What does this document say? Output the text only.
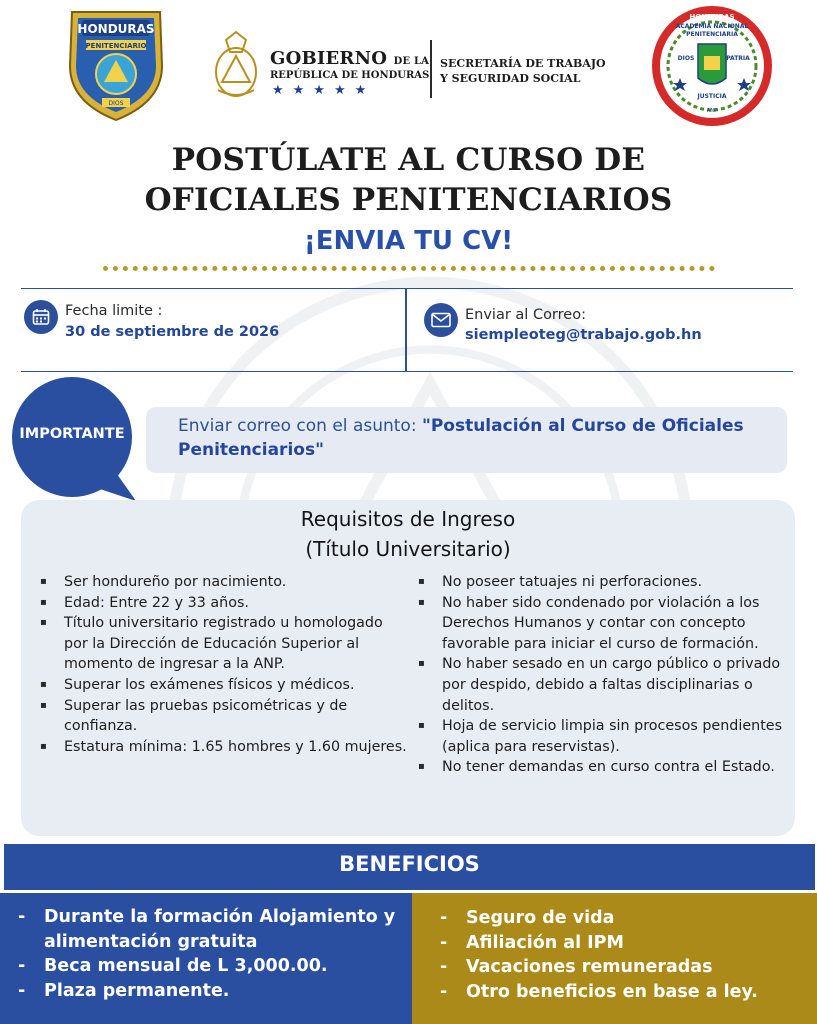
HONDURAS
PENITENCIARIO
DIOS
GOBIERNO DE LA
REPÚBLICA DE HONDURAS
★★★★★
SECRETARÍA DE TRABAJO
Y SEGURIDAD SOCIAL
HONDURAS
ACADEMIA NACIONAL
PENITENCIARIA
DIOS	PATRIA
JUSTICIA
ANP
POSTÚLATE AL CURSO DE
OFICIALES PENITENCIARIOS
¡ENVIA TU CV!
Fecha limite :
30 de septiembre de 2026
Enviar al Correo:
siempleoteg@trabajo.gob.hn
IMPORTANTE	Enviar correo con el asunto: "Postulación al Curso de Oficiales Penitenciarios"
Requisitos de Ingreso
(Título Universitario)
▪ Ser hondureño por nacimiento.
▪ Edad: Entre 22 y 33 años.
▪ Título universitario registrado u homologado por la Dirección de Educación Superior al momento de ingresar a la ANP.
▪ Superar los exámenes físicos y médicos.
▪ Superar las pruebas psicométricas y de confianza.
▪ Estatura mínima: 1.65 hombres y 1.60 mujeres.
▪ No poseer tatuajes ni perforaciones.
▪ No haber sido condenado por violación a los Derechos Humanos y contar con concepto favorable para iniciar el curso de formación.
▪ No haber sesado en un cargo público o privado por despido, debido a faltas disciplinarias o delitos.
▪ Hoja de servicio limpia sin procesos pendientes (aplica para reservistas).
▪ No tener demandas en curso contra el Estado.
BENEFICIOS
- Durante la formación Alojamiento y alimentación gratuita
- Beca mensual de L 3,000.00.
- Plaza permanente.
- Seguro de vida
- Afiliación al IPM
- Vacaciones remuneradas
- Otro beneficios en base a ley.
